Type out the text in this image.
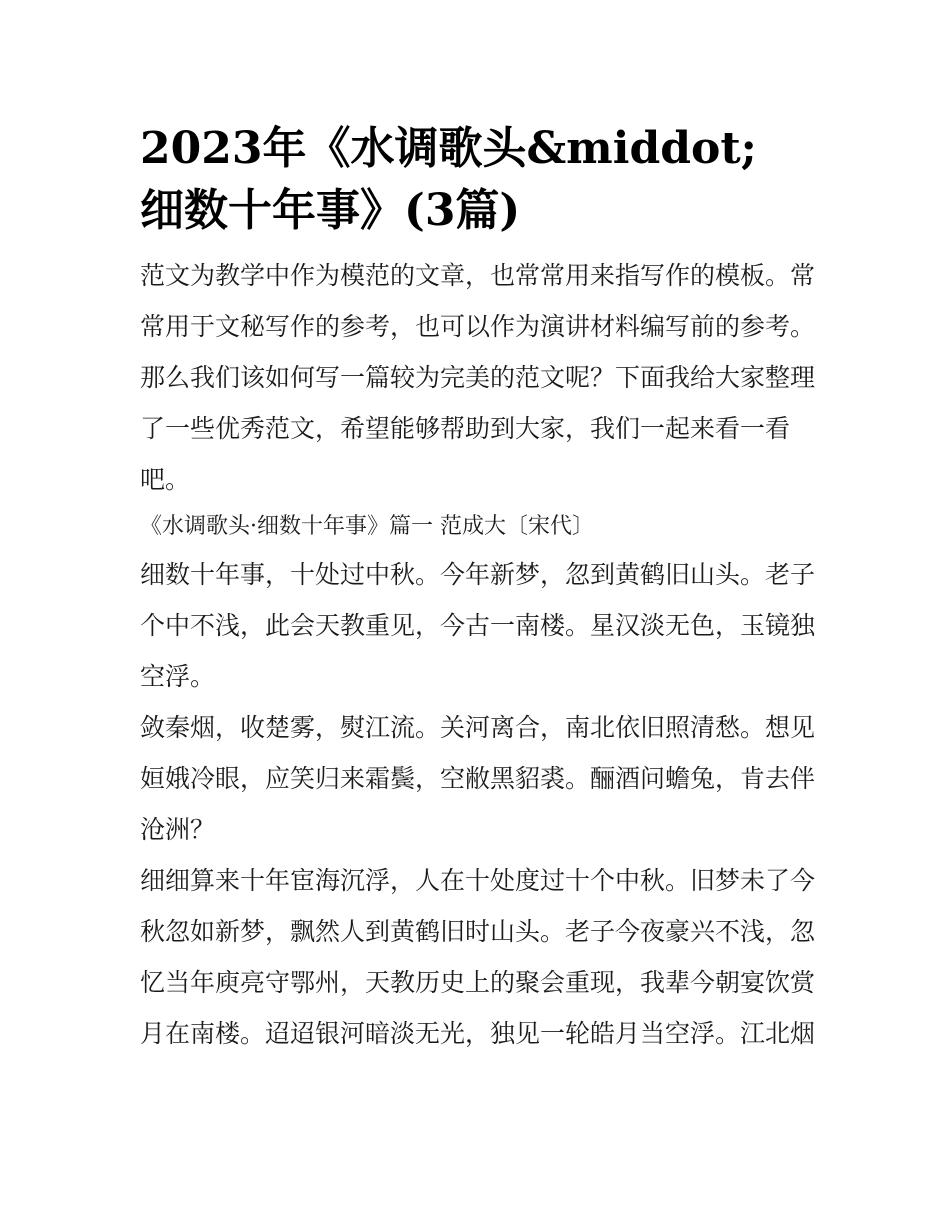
2023年《水调歌头&middot;
细数十年事》(3篇)

范文为教学中作为模范的文章，也常常用来指写作的模板。常
常用于文秘写作的参考，也可以作为演讲材料编写前的参考。
那么我们该如何写一篇较为完美的范文呢？下面我给大家整理
了一些优秀范文，希望能够帮助到大家，我们一起来看一看
吧。

《水调歌头·细数十年事》篇一 范成大〔宋代〕

细数十年事，十处过中秋。今年新梦，忽到黄鹤旧山头。老子
个中不浅，此会天教重见，今古一南楼。星汉淡无色，玉镜独
空浮。

敛秦烟，收楚雾，熨江流。关河离合，南北依旧照清愁。想见
姮娥冷眼，应笑归来霜鬓，空敝黑貂裘。酾酒问蟾兔，肯去伴
沧洲？

细细算来十年宦海沉浮，人在十处度过十个中秋。旧梦未了今
秋忽如新梦，飘然人到黄鹤旧时山头。老子今夜豪兴不浅，忽
忆当年庾亮守鄂州，天教历史上的聚会重现，我辈今朝宴饮赏
月在南楼。迢迢银河暗淡无光，独见一轮皓月当空浮。江北烟
